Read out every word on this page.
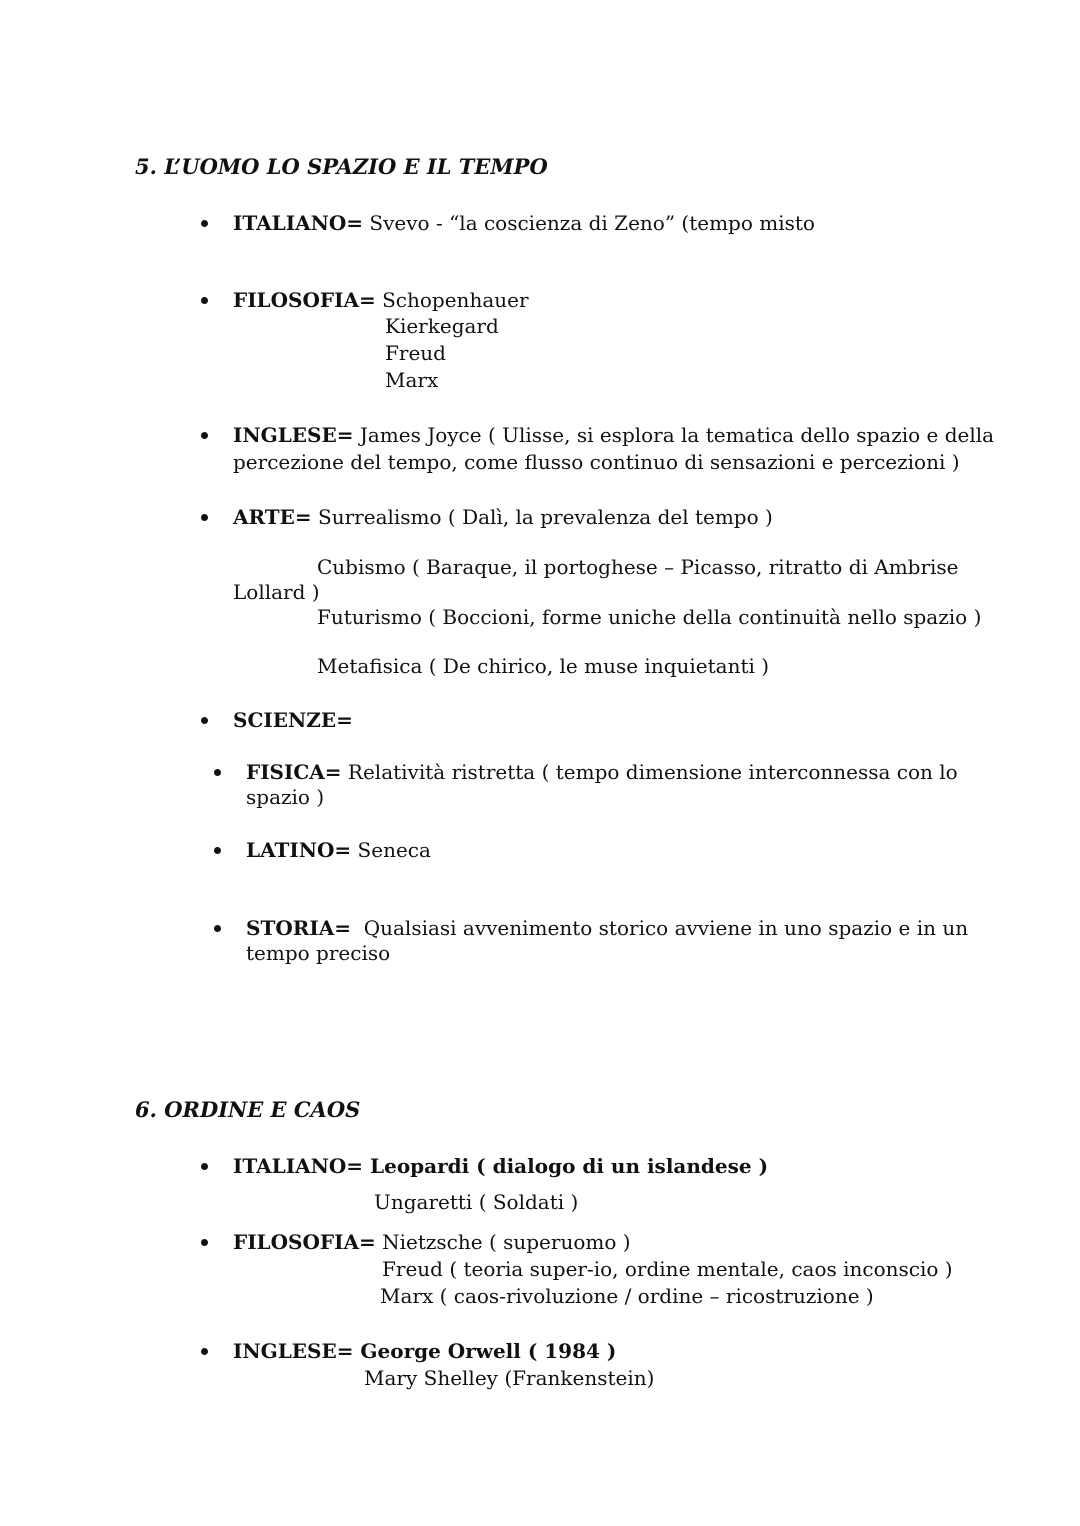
5. L’UOMO LO SPAZIO E IL TEMPO
ITALIANO= Svevo - “la coscienza di Zeno” (tempo misto
FILOSOFIA= Schopenhauer
Kierkegard
Freud
Marx
INGLESE= James Joyce ( Ulisse, si esplora la tematica dello spazio e della
percezione del tempo, come flusso continuo di sensazioni e percezioni )
ARTE= Surrealismo ( Dalì, la prevalenza del tempo )
Cubismo ( Baraque, il portoghese – Picasso, ritratto di Ambrise
Lollard )
Futurismo ( Boccioni, forme uniche della continuità nello spazio )
Metafisica ( De chirico, le muse inquietanti )
SCIENZE=
FISICA= Relatività ristretta ( tempo dimensione interconnessa con lo
spazio )
LATINO= Seneca
STORIA=  Qualsiasi avvenimento storico avviene in uno spazio e in un
tempo preciso
6. ORDINE E CAOS
ITALIANO= Leopardi ( dialogo di un islandese )
Ungaretti ( Soldati )
FILOSOFIA= Nietzsche ( superuomo )
Freud ( teoria super-io, ordine mentale, caos inconscio )
Marx ( caos-rivoluzione / ordine – ricostruzione )
INGLESE= George Orwell ( 1984 )
Mary Shelley (Frankenstein)
